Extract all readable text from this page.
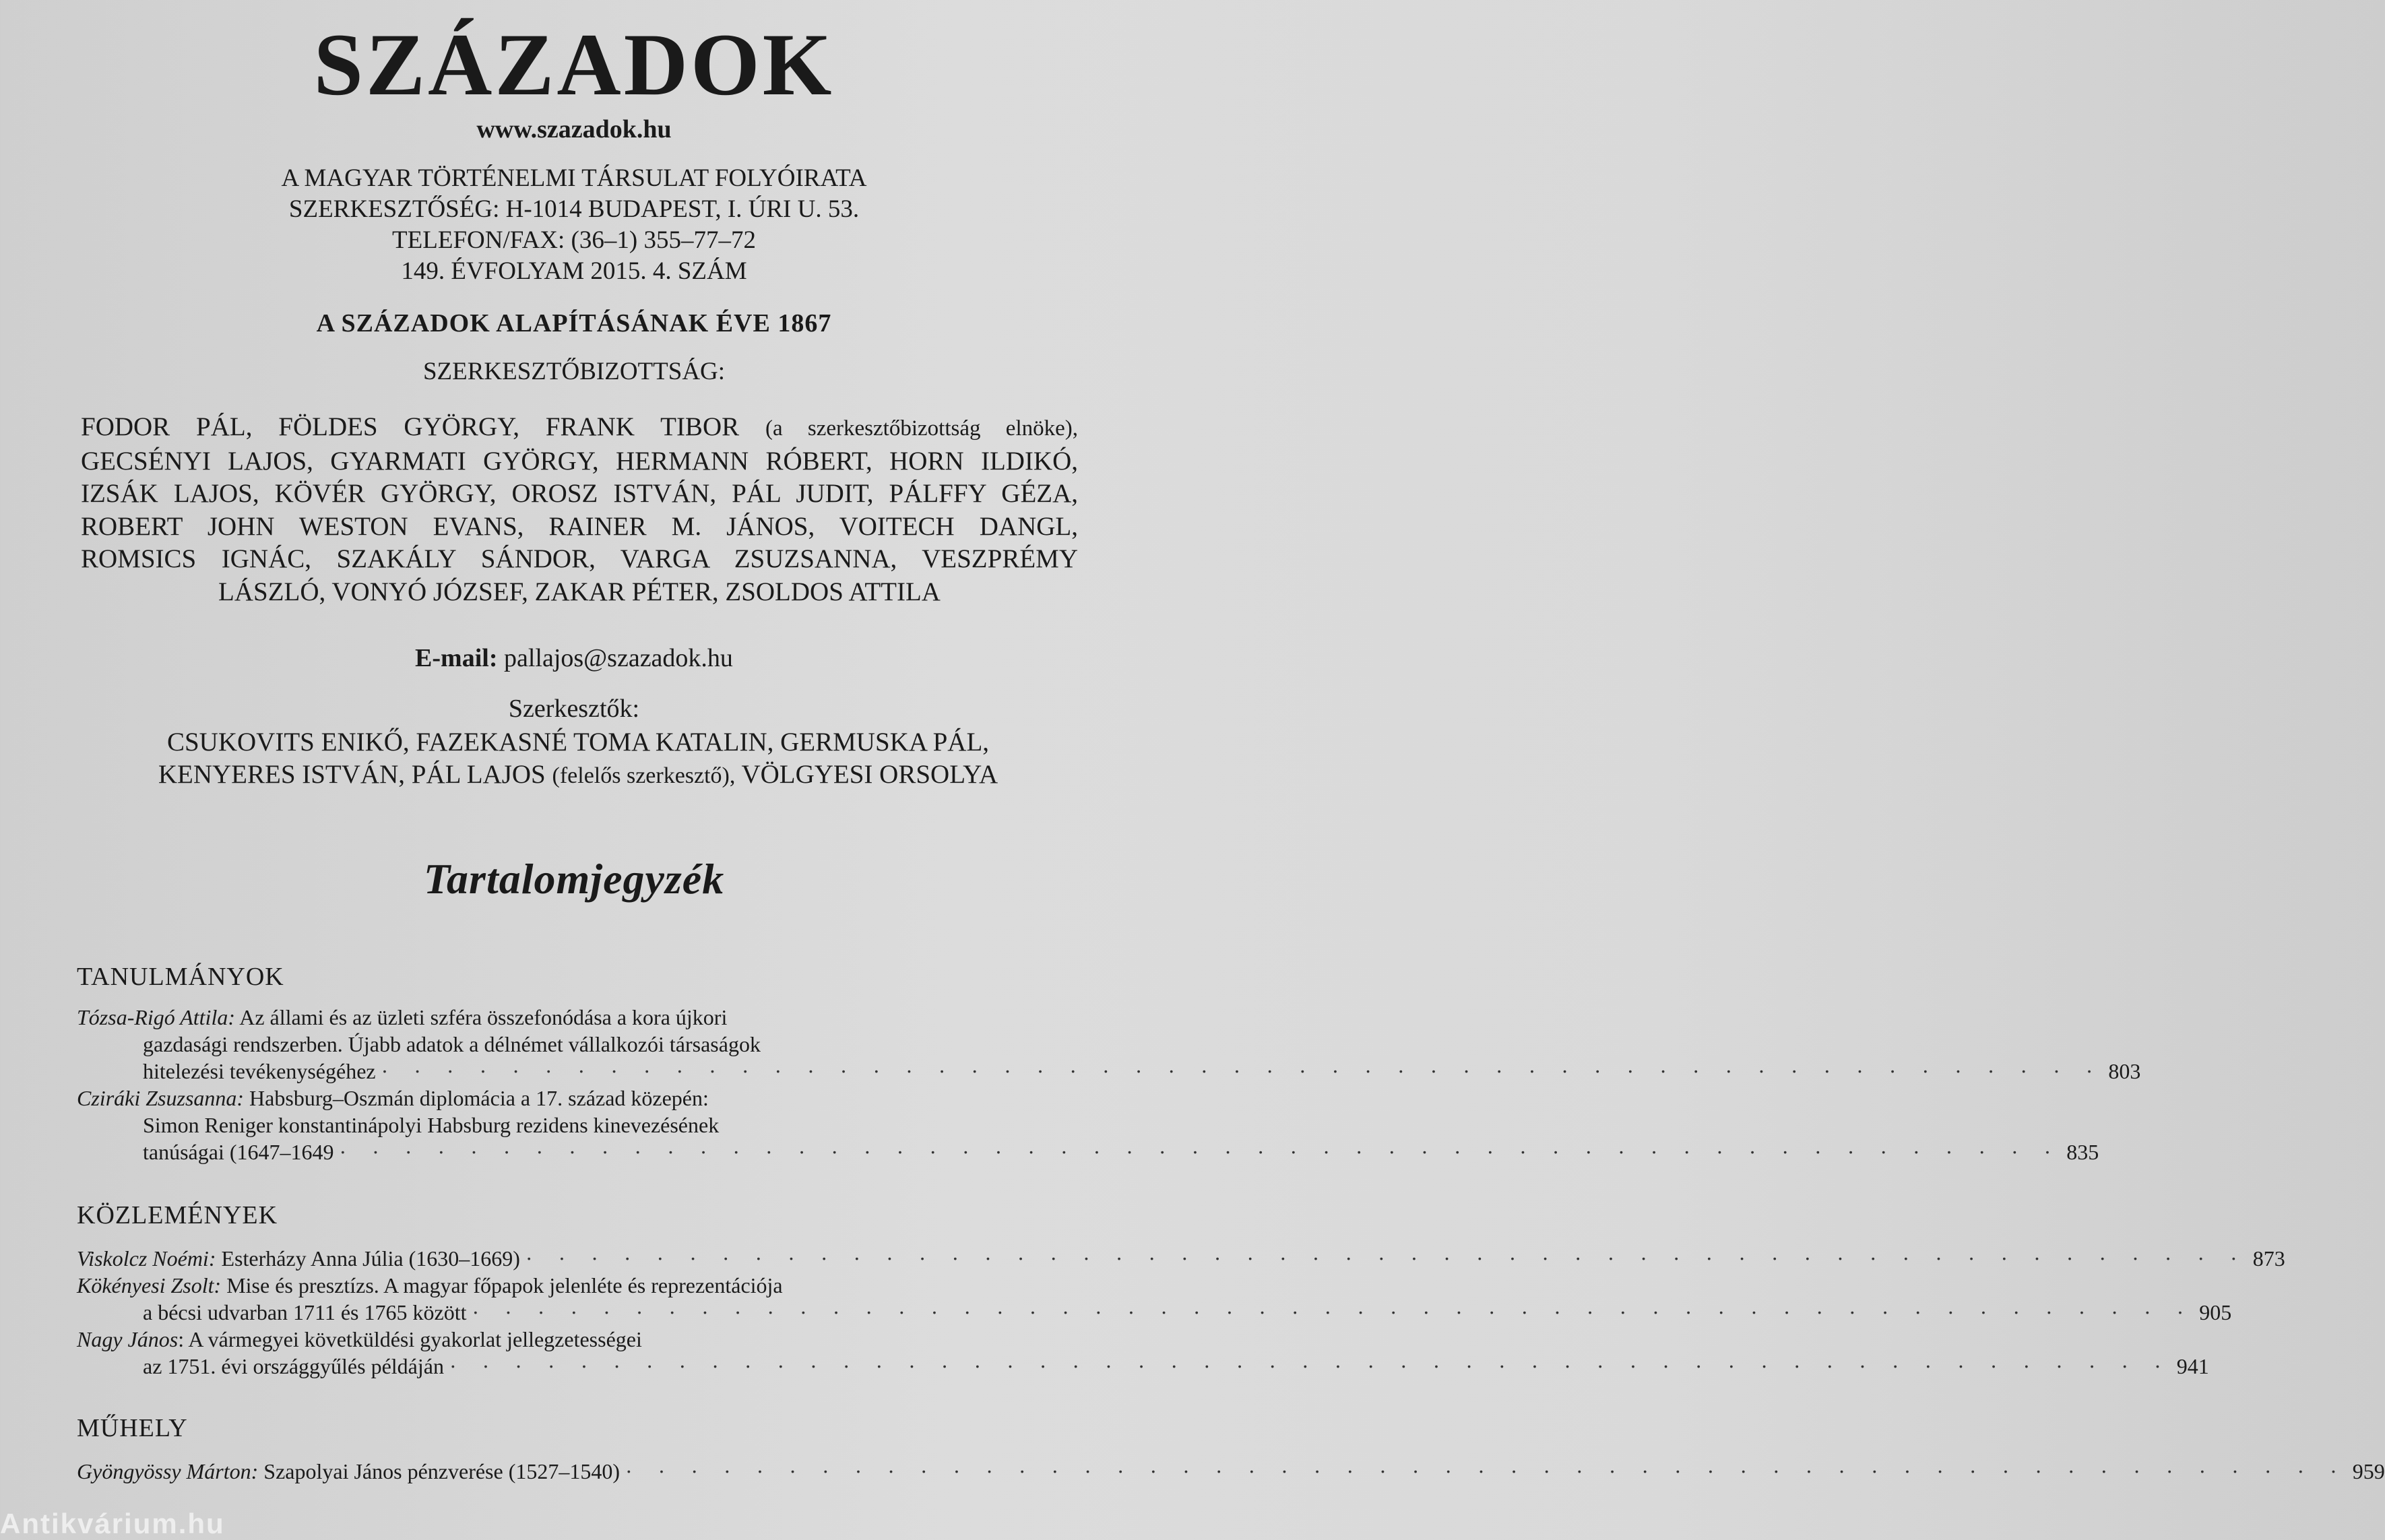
SZÁZADOK
www.szazadok.hu
A MAGYAR TÖRTÉNELMI TÁRSULAT FOLYÓIRATA
SZERKESZTŐSÉG: H-1014 BUDAPEST, I. ÚRI U. 53.
TELEFON/FAX: (36–1) 355–77–72
149. ÉVFOLYAM 2015. 4. SZÁM
A SZÁZADOK ALAPÍTÁSÁNAK ÉVE 1867
SZERKESZTŐBIZOTTSÁG:
FODOR PÁL, FÖLDES GYÖRGY, FRANK TIBOR (a szerkesztőbizottság elnöke),
GECSÉNYI LAJOS, GYARMATI GYÖRGY, HERMANN RÓBERT, HORN ILDIKÓ,
IZSÁK LAJOS, KÖVÉR GYÖRGY, OROSZ ISTVÁN, PÁL JUDIT, PÁLFFY GÉZA,
ROBERT JOHN WESTON EVANS, RAINER M. JÁNOS, VOITECH DANGL,
ROMSICS IGNÁC, SZAKÁLY SÁNDOR, VARGA ZSUZSANNA, VESZPRÉMY
LÁSZLÓ, VONYÓ JÓZSEF, ZAKAR PÉTER, ZSOLDOS ATTILA
E-mail: pallajos@szazadok.hu
Szerkesztők:
CSUKOVITS ENIKŐ, FAZEKASNÉ TOMA KATALIN, GERMUSKA PÁL,
KENYERES ISTVÁN, PÁL LAJOS (felelős szerkesztő), VÖLGYESI ORSOLYA
Tartalomjegyzék
TANULMÁNYOK
Tózsa-Rigó Attila: Az állami és az üzleti szféra összefonódása a kora újkori
gazdasági rendszerben. Újabb adatok a délnémet vállalkozói társaságok
hitelezési tevékenységéhez · · · · · · · · · · · · · · · · · · · · · · · · · · · · · · · · · · · · · · · · · · · · · · · · · · · · · 803
Cziráki Zsuzsanna: Habsburg–Oszmán diplomácia a 17. század közepén:
Simon Reniger konstantinápolyi Habsburg rezidens kinevezésének
tanúságai (1647–1649 · · · · · · · · · · · · · · · · · · · · · · · · · · · · · · · · · · · · · · · · · · · · · · · · · · · · · 835
KÖZLEMÉNYEK
Viskolcz Noémi: Esterházy Anna Júlia (1630–1669) · · · · · · · · · · · · · · · · · · · · · · · · · · · · · · · · · · · · · · · · · · · · · · · · · · · · · 873
Kökényesi Zsolt: Mise és presztízs. A magyar főpapok jelenléte és reprezentációja
a bécsi udvarban 1711 és 1765 között · · · · · · · · · · · · · · · · · · · · · · · · · · · · · · · · · · · · · · · · · · · · · · · · · · · · · 905
Nagy János: A vármegyei követküldési gyakorlat jellegzetességei
az 1751. évi országgyűlés példáján · · · · · · · · · · · · · · · · · · · · · · · · · · · · · · · · · · · · · · · · · · · · · · · · · · · · · 941
MŰHELY
Gyöngyössy Márton: Szapolyai János pénzverése (1527–1540) · · · · · · · · · · · · · · · · · · · · · · · · · · · · · · · · · · · · · · · · · · · · · · · · · · · · · 959
Antikvárium.hu
